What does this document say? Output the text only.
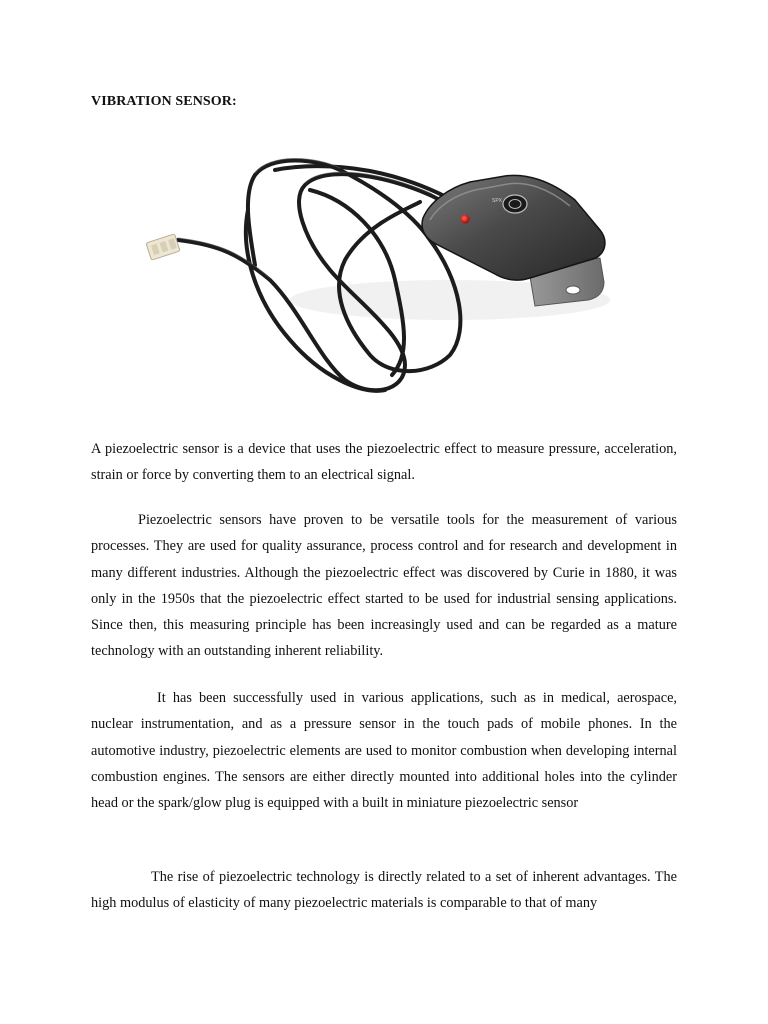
VIBRATION SENSOR:
SPX

A piezoelectric sensor is a device that uses the piezoelectric effect to measure pressure, acceleration, strain or force by converting them to an electrical signal.

Piezoelectric sensors have proven to be versatile tools for the measurement of various processes. They are used for quality assurance, process control and for research and development in many different industries. Although the piezoelectric effect was discovered by Curie in 1880, it was only in the 1950s that the piezoelectric effect started to be used for industrial sensing applications. Since then, this measuring principle has been increasingly used and can be regarded as a mature technology with an outstanding inherent reliability.

It has been successfully used in various applications, such as in medical, aerospace, nuclear instrumentation, and as a pressure sensor in the touch pads of mobile phones. In the automotive industry, piezoelectric elements are used to monitor combustion when developing internal combustion engines. The sensors are either directly mounted into additional holes into the cylinder head or the spark/glow plug is equipped with a built in miniature piezoelectric sensor

The rise of piezoelectric technology is directly related to a set of inherent advantages. The high modulus of elasticity of many piezoelectric materials is comparable to that of many
